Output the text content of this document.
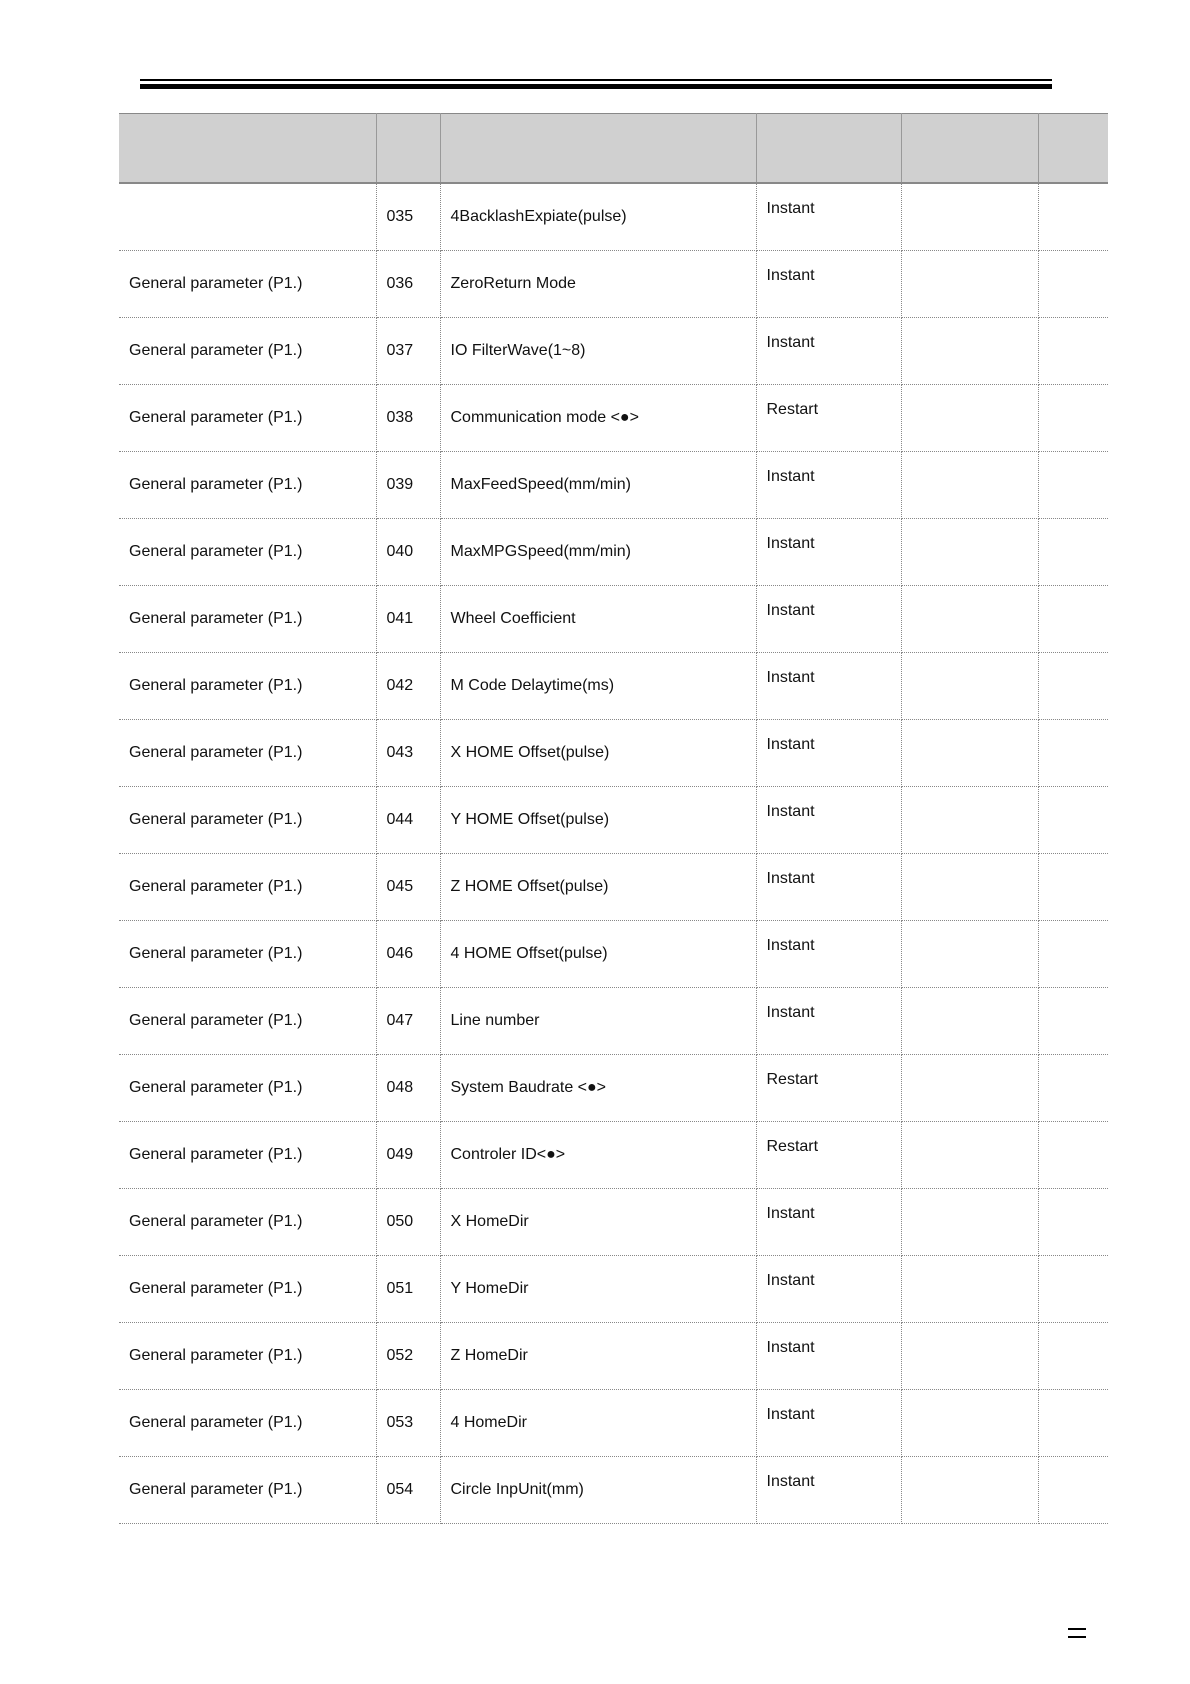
	035	4BacklashExpiate(pulse)	Instant		
General parameter (P1.)	036	ZeroReturn Mode	Instant		
General parameter (P1.)	037	IO FilterWave(1~8)	Instant		
General parameter (P1.)	038	Communication mode <●>	Restart		
General parameter (P1.)	039	MaxFeedSpeed(mm/min)	Instant		
General parameter (P1.)	040	MaxMPGSpeed(mm/min)	Instant		
General parameter (P1.)	041	Wheel Coefficient	Instant		
General parameter (P1.)	042	M Code Delaytime(ms)	Instant		
General parameter (P1.)	043	X HOME Offset(pulse)	Instant		
General parameter (P1.)	044	Y HOME Offset(pulse)	Instant		
General parameter (P1.)	045	Z HOME Offset(pulse)	Instant		
General parameter (P1.)	046	4 HOME Offset(pulse)	Instant		
General parameter (P1.)	047	Line number	Instant		
General parameter (P1.)	048	System Baudrate <●>	Restart		
General parameter (P1.)	049	Controler ID<●>	Restart		
General parameter (P1.)	050	X HomeDir	Instant		
General parameter (P1.)	051	Y HomeDir	Instant		
General parameter (P1.)	052	Z HomeDir	Instant		
General parameter (P1.)	053	4 HomeDir	Instant		
General parameter (P1.)	054	Circle InpUnit(mm)	Instant		
